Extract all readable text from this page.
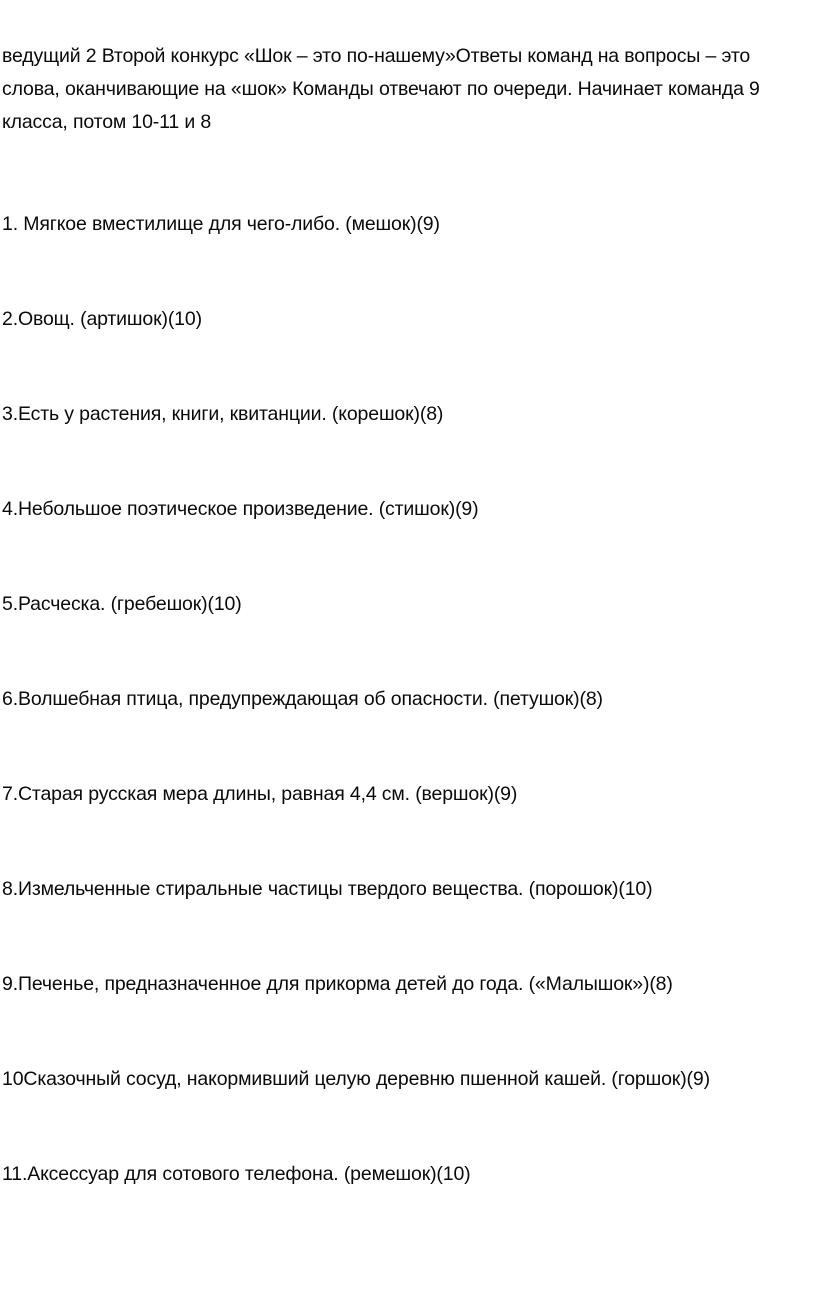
ведущий 2 Второй конкурс «Шок – это по-нашему»Ответы команд на вопросы – это
слова, оканчивающие на «шок» Команды отвечают по очереди. Начинает команда 9
класса, потом 10-11 и 8
1. Мягкое вместилище для чего-либо. (мешок)(9)
2.Овощ. (артишок)(10)
3.Есть у растения, книги, квитанции. (корешок)(8)
4.Небольшое поэтическое произведение. (стишок)(9)
5.Расческа. (гребешок)(10)
6.Волшебная птица, предупреждающая об опасности. (петушок)(8)
7.Старая русская мера длины, равная 4,4 см. (вершок)(9)
8.Измельченные стиральные частицы твердого вещества. (порошок)(10)
9.Печенье, предназначенное для прикорма детей до года. («Малышок»)(8)
10Сказочный сосуд, накормивший целую деревню пшенной кашей. (горшок)(9)
11.Аксессуар для сотового телефона. (ремешок)(10)
